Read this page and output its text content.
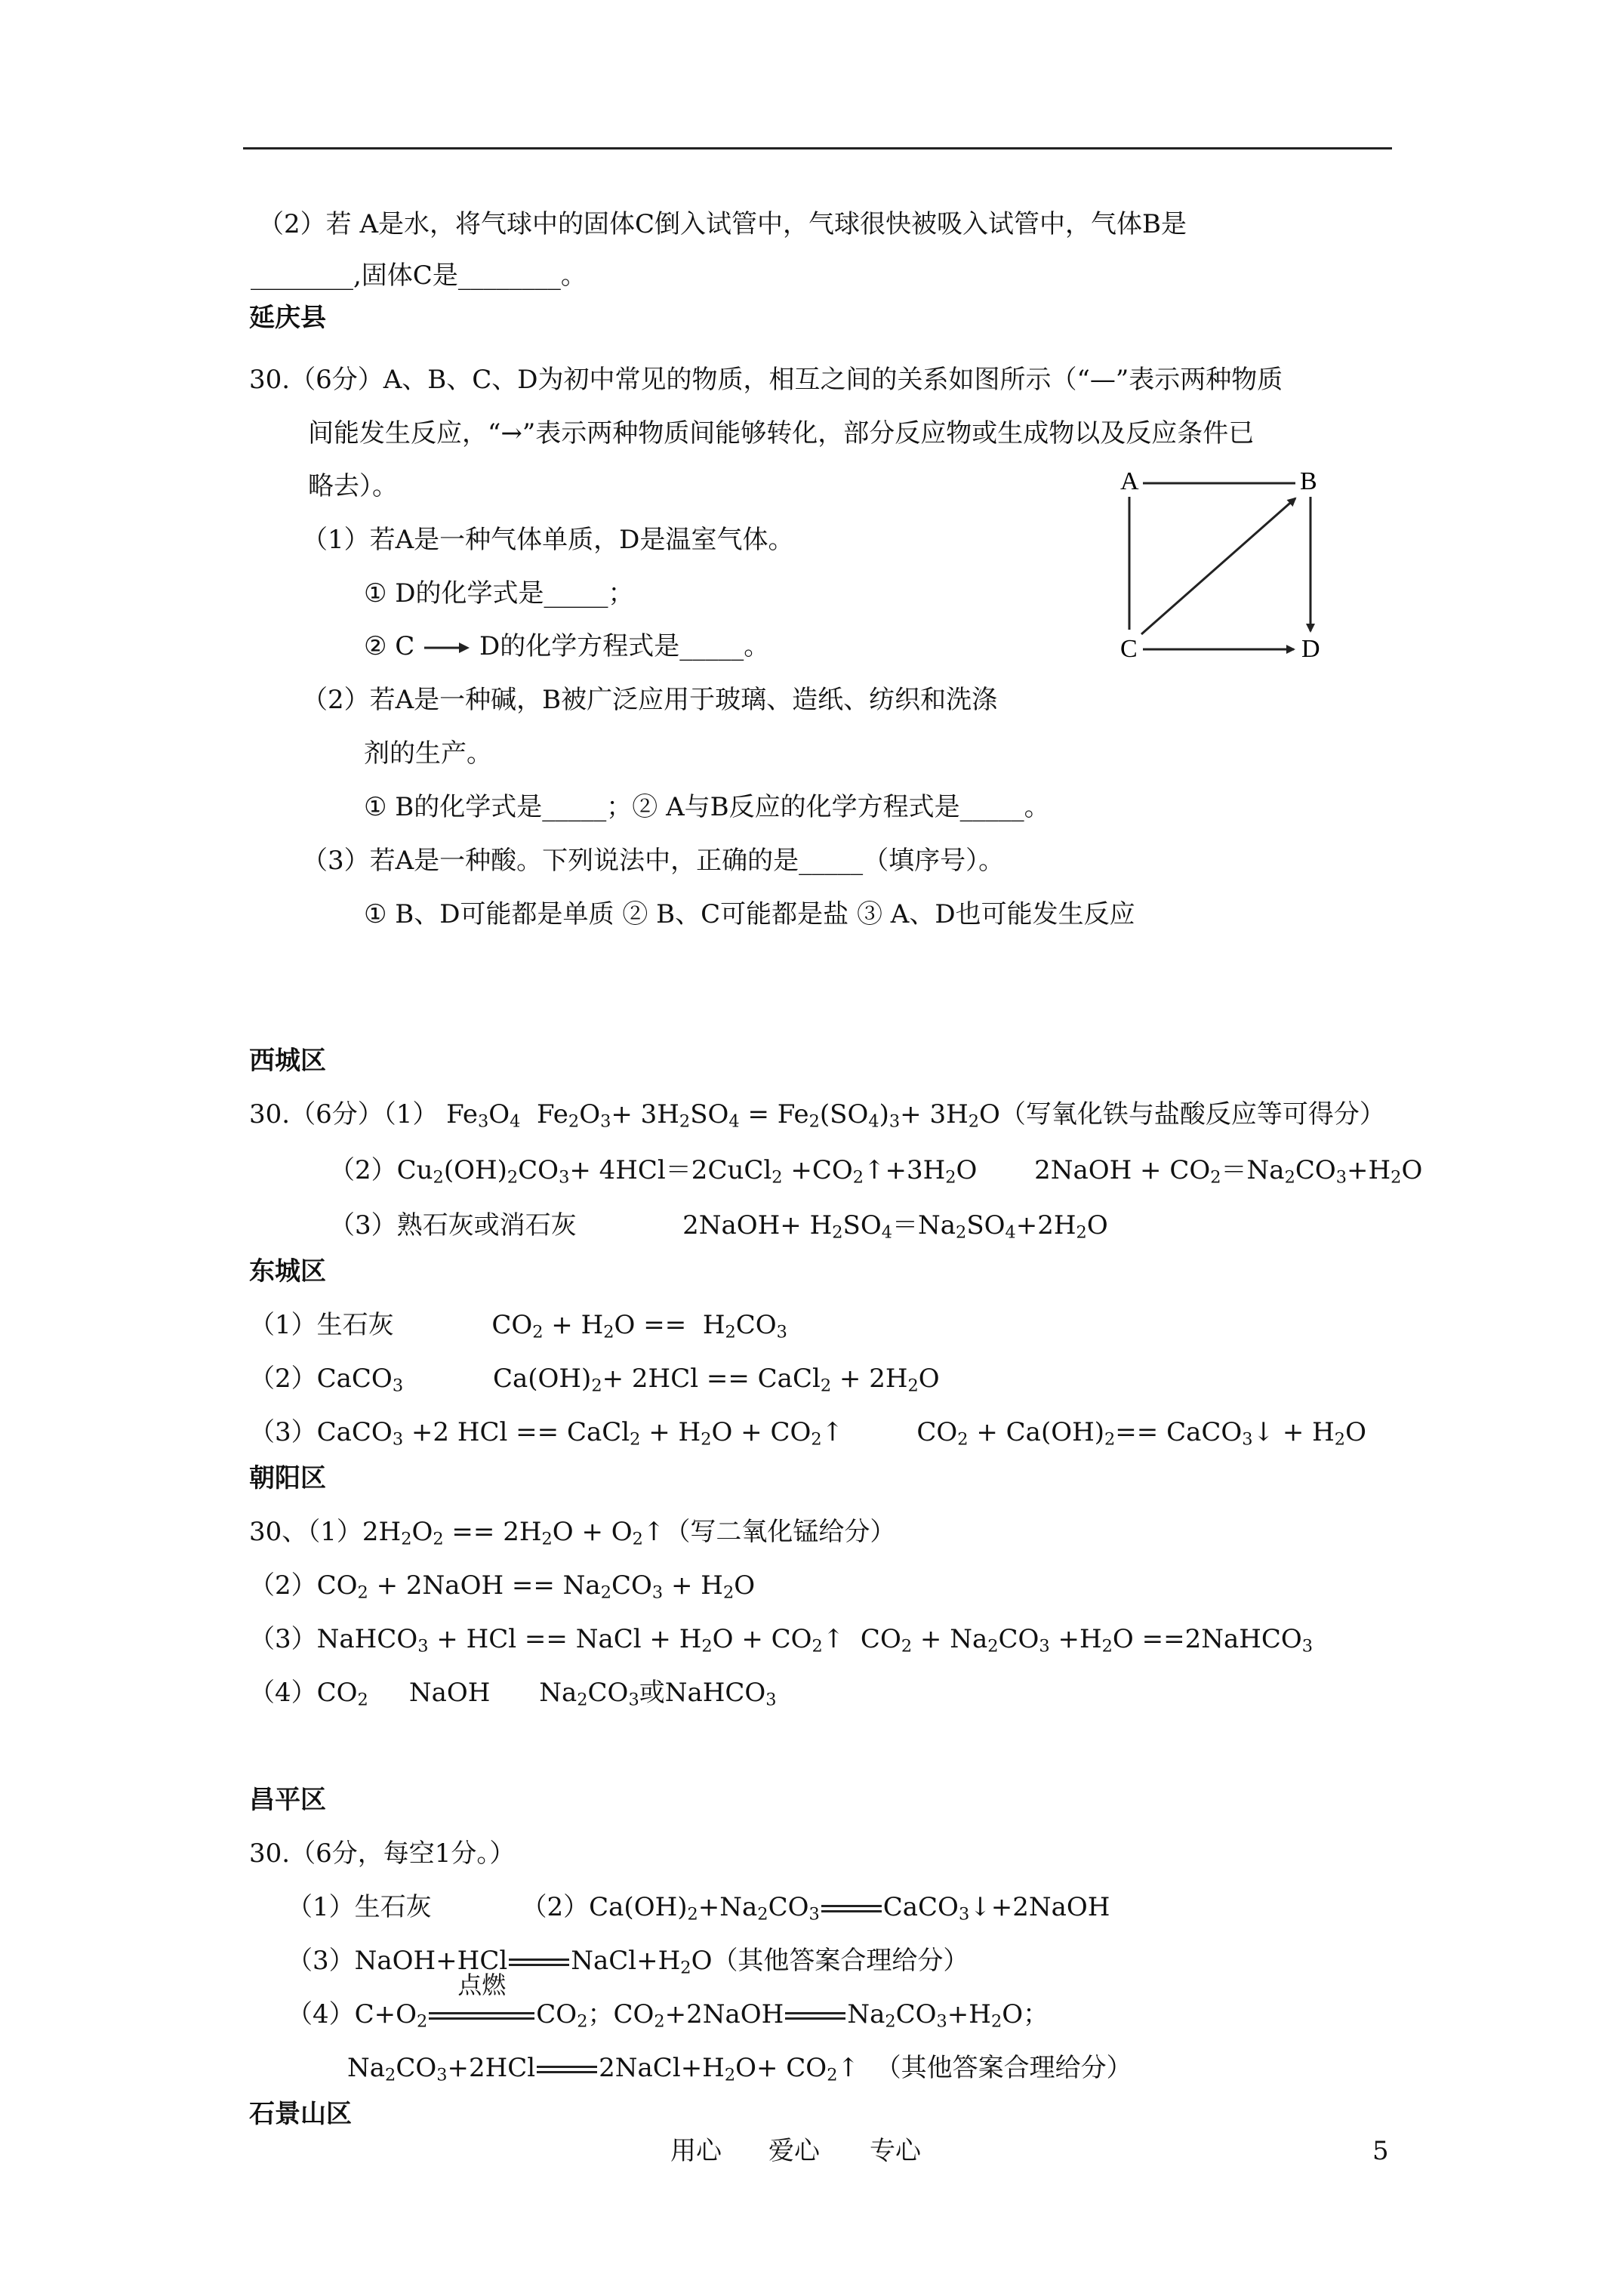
（2）若 A是水，将气球中的固体C倒入试管中，气球很快被吸入试管中，气体B是
________,固体C是________。
延庆县
30.（6分）A、B、C、D为初中常见的物质，相互之间的关系如图所示（“—”表示两种物质
间能发生反应，“→”表示两种物质间能够转化，部分反应物或生成物以及反应条件已
略去）。
（1）若A是一种气体单质，D是温室气体。
① D的化学式是_____；
② C	D的化学方程式是_____。
（2）若A是一种碱，B被广泛应用于玻璃、造纸、纺织和洗涤
剂的生产。
① B的化学式是_____；② A与B反应的化学方程式是_____。
（3）若A是一种酸。下列说法中，正确的是_____（填序号）。
① B、D可能都是单质 ② B、C可能都是盐 ③ A、D也可能发生反应
A	B
C	D
西城区
30.（6分）（1） $Fe_3O_4$  $Fe_2O_3+ 3H_2SO_4 = Fe_2(SO_4)_3+ 3H_2O$（写氧化铁与盐酸反应等可得分）
$(2)Cu_2(OH)_2CO_3+$ 4HCl＝2CuCl$_2$ $+CO_2↑+3H_2O$       2NaOH + $CO_2=Na_2CO_3+H_2O$
（3）熟石灰或消石灰             2NaOH+ $H_2SO_4=Na_2SO_4+2H_2O$
东城区
（1）生石灰            $CO_2 + H_2O == H_2CO_3$
（2）CaCO$_3$           $Ca(OH)_2+ 2HCl$ == CaCl$_2$ + $2H_2O$
（3）CaCO$_3$ +2 HCl == CaCl$_2$ + $H_2O$ + $CO_2↑$         $CO_2 + Ca(OH)_2==$ CaCO$_3$↓ + $H_2O$
朝阳区
30、$(1)2H_2O_2 == 2H_2O$ + $O_2↑$（写二氧化锰给分）
$(2)CO_2$ + 2NaOH == $Na_2CO_3 + H_2O$
（3）NaHCO$_3$ + HCl == NaCl + $H_2O$ + $CO_2↑$  $CO_2 + Na_2CO_3 +H_2O$ ==2NaHCO$_3$
$(4)CO_2$     NaOH      $Na_2CO_3$或NaHCO$_3$
昌平区
30.（6分，每空1分。）
（1）生石灰           $(2)Ca(OH)_2+Na_2CO_3$ CaCO$_3$↓+2NaOH
（3）NaOH+HCl $NaCl+H_2O$（其他答案合理给分）
$(4)C+O_2$
点燃
$CO_2$；$CO_2+2NaOH$ $Na_2CO_3+H_2O$；
$Na_2CO_3+2HCl$ $2NaCl+H_2O+$ $CO_2↑$  （其他答案合理给分）
石景山区
用心 爱心 专心	5
